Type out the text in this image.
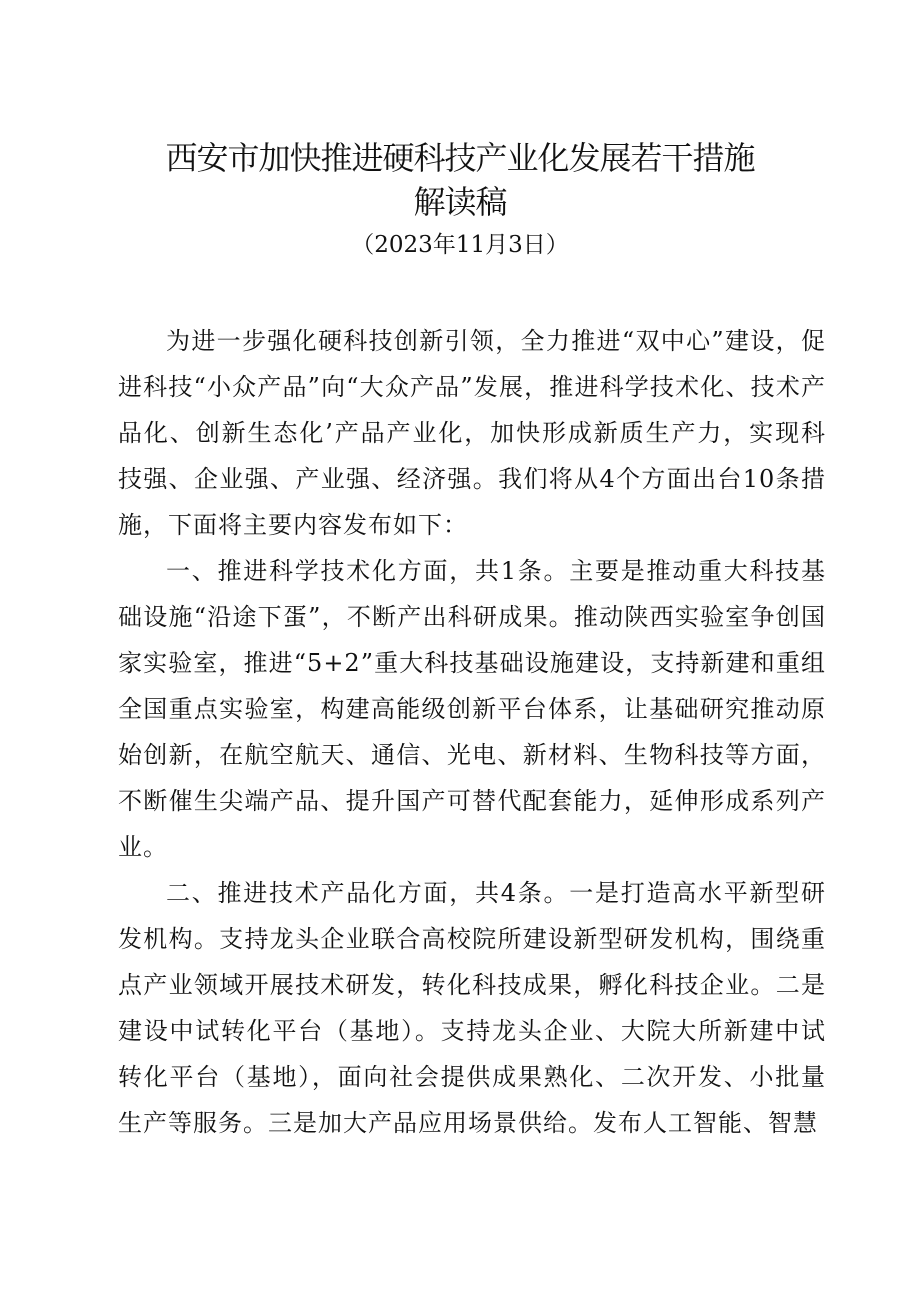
西安市加快推进硬科技产业化发展若干措施
解读稿

（2023年11月3日）

为进一步强化硬科技创新引领，全力推进“双中心”建设，促进科技“小众产品”向“大众产品”发展，推进科学技术化、技术产品化、创新生态化’产品产业化，加快形成新质生产力，实现科技强、企业强、产业强、经济强。我们将从4个方面出台10条措施，下面将主要内容发布如下：

一、推进科学技术化方面，共1条。主要是推动重大科技基础设施“沿途下蛋”，不断产出科研成果。推动陕西实验室争创国家实验室，推进“5+2”重大科技基础设施建设，支持新建和重组全国重点实验室，构建高能级创新平台体系，让基础研究推动原始创新，在航空航天、通信、光电、新材料、生物科技等方面，不断催生尖端产品、提升国产可替代配套能力，延伸形成系列产业。

二、推进技术产品化方面，共4条。一是打造高水平新型研发机构。支持龙头企业联合高校院所建设新型研发机构，围绕重点产业领域开展技术研发，转化科技成果，孵化科技企业。二是建设中试转化平台（基地）。支持龙头企业、大院大所新建中试转化平台（基地），面向社会提供成果熟化、二次开发、小批量生产等服务。三是加大产品应用场景供给。发布人工智能、智慧
